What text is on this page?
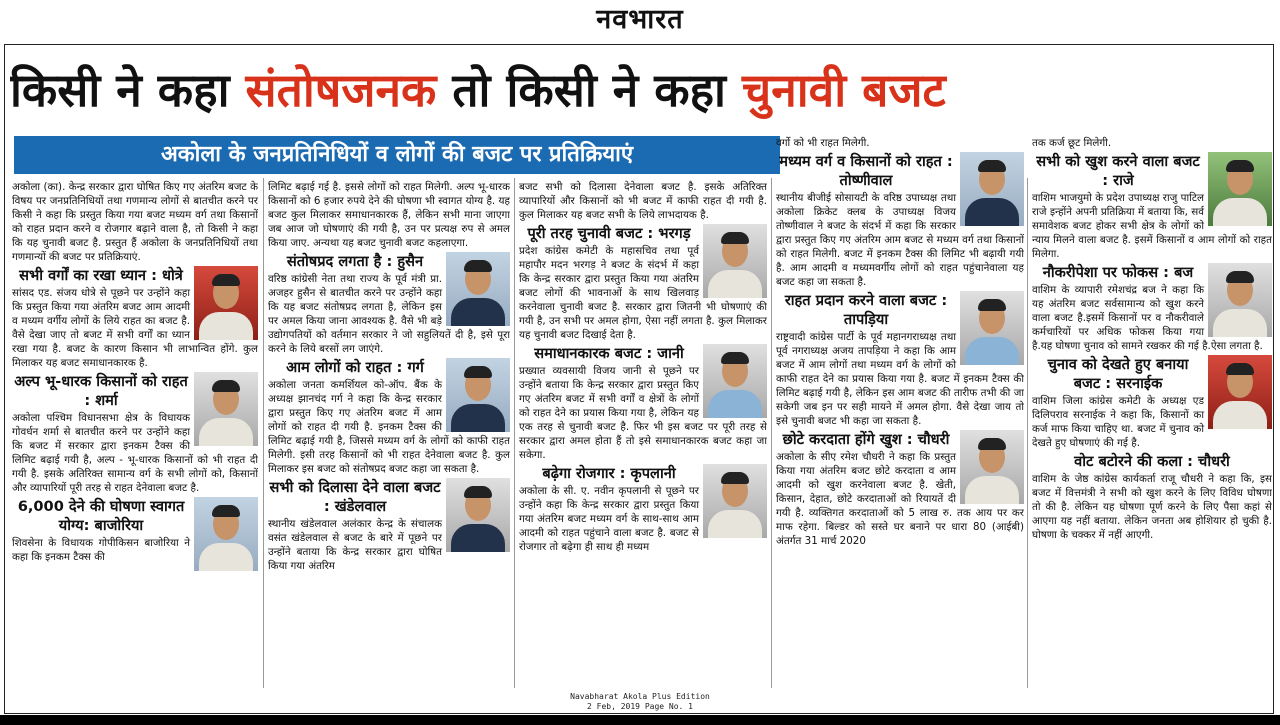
नवभारत
किसी ने कहा संतोषजनक तो किसी ने कहा चुनावी बजट
अकोला के जनप्रतिनिधियों व लोगों की बजट पर प्रतिक्रियाएं

अकोला (का). केन्द्र सरकार द्वारा घोषित किए गए अंतरिम बजट के विषय पर जनप्रतिनिधियों तथा गणमान्य लोगों से बातचीत करने पर किसी ने कहा कि प्रस्तुत किया गया बजट मध्यम वर्ग तथा किसानों को राहत प्रदान करने व रोजगार बढ़ाने वाला है, तो किसी ने कहा कि यह चुनावी बजट है. प्रस्तुत हैं अकोला के जनप्रतिनिधियों तथा गणमान्यों की बजट पर प्रतिक्रियाएं.

सभी वर्गों का रखा ध्यान : धोत्रे

सांसद एड. संजय धोत्रे से पूछने पर उन्होंने कहा कि प्रस्तुत किया गया अंतरिम बजट आम आदमी व मध्यम वर्गीय लोगों के लिये राहत का बजट है. वैसे देखा जाए तो बजट में सभी वर्गों का ध्यान रखा गया है. बजट के कारण किसान भी लाभान्वित होंगे. कुल मिलाकर यह बजट समाधानकारक है.

अल्प भू-धारक किसानों को राहत : शर्मा

अकोला पश्चिम विधानसभा क्षेत्र के विधायक गोवर्धन शर्मा से बातचीत करने पर उन्होंने कहा कि बजट में सरकार द्वारा इनकम टैक्स की लिमिट बढ़ाई गयी है, अल्प - भू-धारक किसानों को भी राहत दी गयी है. इसके अतिरिक्त सामान्य वर्ग के सभी लोगों को, किसानों और व्यापारियों पूरी तरह से राहत देनेवाला बजट है.

6,000 देने की घोषणा स्वागत योग्य: बाजोरिया

शिवसेना के विधायक गोपीकिसन बाजोरिया ने कहा कि इनकम टैक्स की

लिमिट बढ़ाई गई है. इससे लोगों को राहत मिलेगी. अल्प भू-धारक किसानों को 6 हजार रुपये देने की घोषणा भी स्वागत योग्य है. यह बजट कुल मिलाकर समाधानकारक हैं, लेकिन सभी माना जाएगा जब आज जो घोषणाएं की गयी है, उन पर प्रत्यक्ष रुप से अमल किया जाए. अन्यथा यह बजट चुनावी बजट कहलाएगा.

संतोषप्रद लगता है : हुसैन

वरिष्ठ कांग्रेसी नेता तथा राज्य के पूर्व मंत्री प्रा. अजहर हुसैन से बातचीत करने पर उन्होंने कहा कि यह बजट संतोषप्रद लगता है, लेकिन इस पर अमल किया जाना आवश्यक है. वैसे भी बड़े उद्योगपतियों को वर्तमान सरकार ने जो सहुलियतें दी है, इसे पूरा करने के लिये बरसों लग जाएंगे.

आम लोगों को राहत : गर्ग

अकोला जनता कमर्शियल को-ऑप. बैंक के अध्यक्ष झानचंद गर्ग ने कहा कि केन्द्र सरकार द्वारा प्रस्तुत किए गए अंतरिम बजट में आम लोगों को राहत दी गयी है. इनकम टैक्स की लिमिट बढ़ाई गयी है, जिससे मध्यम वर्ग के लोगों को काफी राहत मिलेगी. इसी तरह किसानों को भी राहत देनेवाला बजट है. कुल मिलाकर इस बजट को संतोषप्रद बजट कहा जा सकता है.

सभी को दिलासा देने वाला बजट : खंडेलवाल

स्थानीय खंडेलवाल अलंकार केन्द्र के संचालक वसंत खंडेलवाल से बजट के बारे में पूछने पर उन्होंने बताया कि केन्द्र सरकार द्वारा घोषित किया गया अंतरिम

बजट सभी को दिलासा देनेवाला बजट है. इसके अतिरिक्त व्यापारियों और किसानों को भी बजट में काफी राहत दी गयी है. कुल मिलाकर यह बजट सभी के लिये लाभदायक है.

पूरी तरह चुनावी बजट : भरगड़

प्रदेश कांग्रेस कमेटी के महासचिव तथा पूर्व महापौर मदन भरगड़ ने बजट के संदर्भ में कहा कि केन्द्र सरकार द्वारा प्रस्तुत किया गया अंतरिम बजट लोगों की भावनाओं के साथ खिलवाड़ करनेवाला चुनावी बजट है. सरकार द्वारा जितनी भी घोषणाएं की गयी है, उन सभी पर अमल होगा, ऐसा नहीं लगता है. कुल मिलाकर यह चुनावी बजट दिखाई देता है.

समाधानकारक बजट : जानी

प्रख्यात व्यवसायी विजय जानी से पूछने पर उन्होंने बताया कि केन्द्र सरकार द्वारा प्रस्तुत किए गए अंतरिम बजट में सभी वर्गों व क्षेत्रों के लोगों को राहत देने का प्रयास किया गया है, लेकिन यह एक तरह से चुनावी बजट है. फिर भी इस बजट पर पूरी तरह से सरकार द्वारा अमल होता हैं तो इसे समाधानकारक बजट कहा जा सकेगा.

बढ़ेगा रोजगार : कृपलानी

अकोला के सी. ए. नवीन कृपलानी से पूछने पर उन्होंने कहा कि केन्द्र सरकार द्वारा प्रस्तुत किया गया अंतरिम बजट मध्यम वर्ग के साथ-साथ आम आदमी को राहत पहुंचाने वाला बजट है. बजट से रोजगार तो बढ़ेगा ही साथ ही मध्यम

वर्गो को भी राहत मिलेगी.

मध्यम वर्ग व किसानों को राहत : तोष्णीवाल

स्थानीय बीजीई सोसायटी के वरिष्ठ उपाध्यक्ष तथा अकोला क्रिकेट क्लब के उपाध्यक्ष विजय तोष्णीवाल ने बजट के संदर्भ में कहा कि सरकार द्वारा प्रस्तुत किए गए अंतरिम आम बजट से मध्यम वर्ग तथा किसानों को राहत मिलेगी. बजट में इनकम टैक्स की लिमिट भी बढ़ायी गयी है. आम आदमी व मध्यमवर्गीय लोगों को राहत पहुंचानेवाला यह बजट कहा जा सकता है.

राहत प्रदान करने वाला बजट : तापड़िया

राष्ट्रवादी कांग्रेस पार्टी के पूर्व महानगराध्यक्ष तथा पूर्व नगराध्यक्ष अजय तापड़िया ने कहा कि आम बजट में आम लोगों तथा मध्यम वर्ग के लोगों को काफी राहत देने का प्रयास किया गया है. बजट में इनकम टैक्स की लिमिट बढ़ाई गयी है, लेकिन इस आम बजट की तारीफ तभी की जा सकेगी जब इन पर सही मायने में अमल होगा. वैसे देखा जाय तो इसे चुनावी बजट भी कहा जा सकता है.

छोटे करदाता होंगे खुश : चौधरी

अकोला के सीए रमेश चौधरी ने कहा कि प्रस्तुत किया गया अंतरिम बजट छोटे करदाता व आम आदमी को खुश करनेवाला बजट है. खेती, किसान, देहात, छोटे करदाताओं को रियायतें दी गयी है. व्यक्तिगत करदाताओं को 5 लाख रु. तक आय पर कर माफ रहेगा. बिल्डर को सस्ते घर बनाने पर धारा 80 (आईबी) अंतर्गत 31 मार्च 2020

तक कर्ज छूट मिलेगी.

सभी को खुश करने वाला बजट : राजे

वाशिम भाजयुमो के प्रदेश उपाध्यक्ष राजु पाटिल राजे इन्होंने अपनी प्रतिक्रिया में बताया कि, सर्व समावेशक बजट होकर सभी क्षेत्र के लोगों को न्याय मिलने वाला बजट है. इसमें किसानों व आम लोगों को राहत मिलेगा.

नौकरीपेशा पर फोकस : बज

वाशिम के व्यापारी रमेशचंद्र बज ने कहा कि यह अंतरिम बजट सर्वसामान्य को खुश करने वाला बजट है.इसमें किसानों पर व नौकरीवाले कर्मचारियों पर अधिक फोकस किया गया है.यह घोषणा चुनाव को सामने रखकर की गई है.ऐसा लगता है.

चुनाव को देखते हुए बनाया बजट : सरनाईक

वाशिम जिला कांग्रेस कमेटी के अध्यक्ष एड दिलिपराव सरनाईक ने कहा कि, किसानों का कर्ज माफ किया चाहिए था. बजट में चुनाव को देखते हुए घोषणाएं की गई है.

वोट बटोरने की कला : चौधरी

वाशिम के जेष्ठ कांग्रेस कार्यकर्ता राजू चौधरी ने कहा कि, इस बजट में वित्तमंत्री ने सभी को खुश करने के लिए विविध घोषणा तो की है. लेकिन यह घोषणा पूर्ण करने के लिए पैसा कहां से आएगा यह नहीं बताया. लेकिन जनता अब होशियार हो चुकी है. घोषणा के चक्कर में नहीं आएगी.

Navabharat Akola Plus Edition
2 Feb, 2019 Page No. 1
